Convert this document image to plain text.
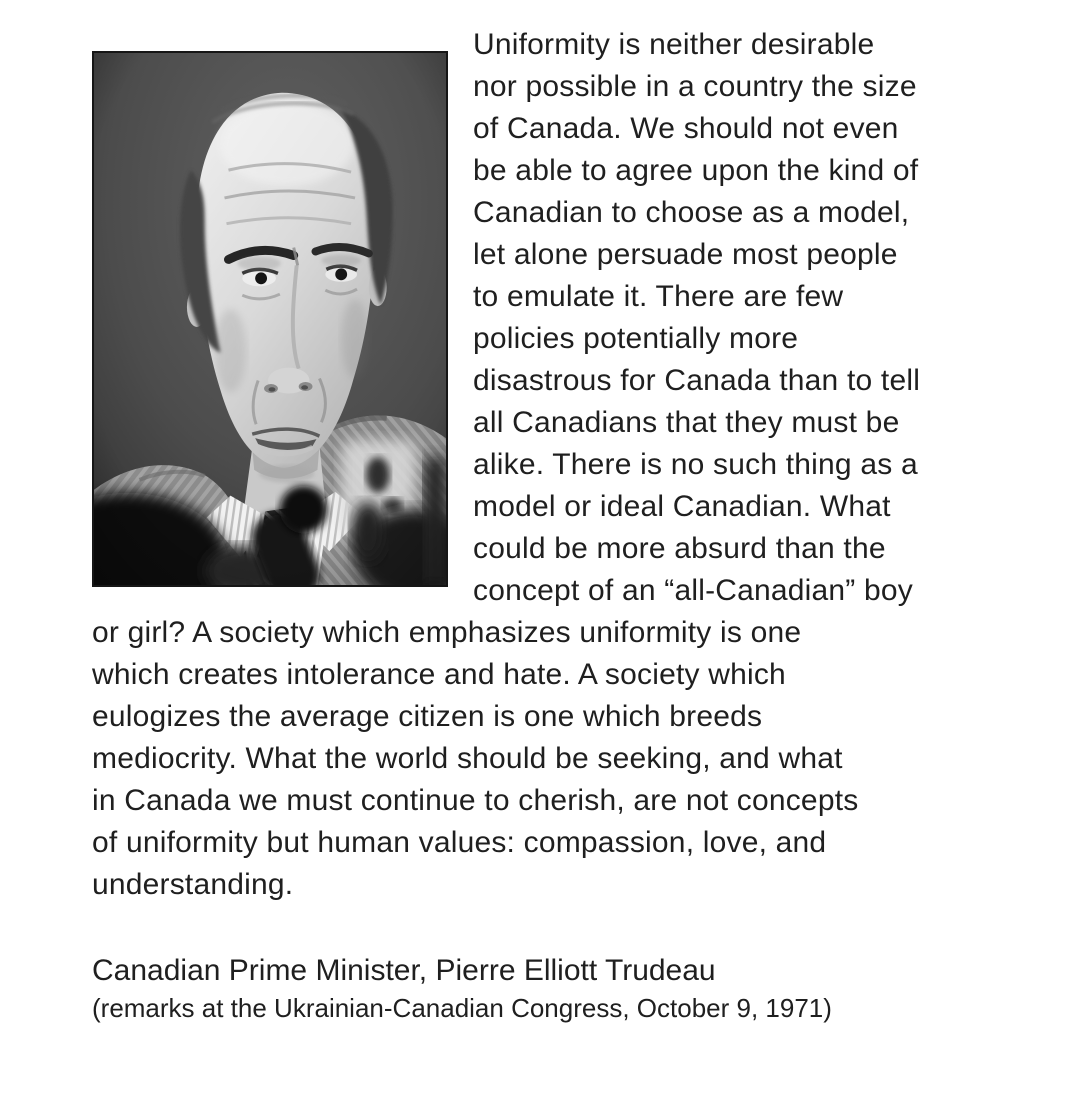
Uniformity is neither desirable
nor possible in a country the size
of Canada. We should not even
be able to agree upon the kind of
Canadian to choose as a model,
let alone persuade most people
to emulate it. There are few
policies potentially more
disastrous for Canada than to tell
all Canadians that they must be
alike. There is no such thing as a
model or ideal Canadian. What
could be more absurd than the
concept of an “all-Canadian” boy
or girl? A society which emphasizes uniformity is one
which creates intolerance and hate. A society which
eulogizes the average citizen is one which breeds
mediocrity. What the world should be seeking, and what
in Canada we must continue to cherish, are not concepts
of uniformity but human values: compassion, love, and
understanding.
Canadian Prime Minister, Pierre Elliott Trudeau
(remarks at the Ukrainian-Canadian Congress, October 9, 1971)
